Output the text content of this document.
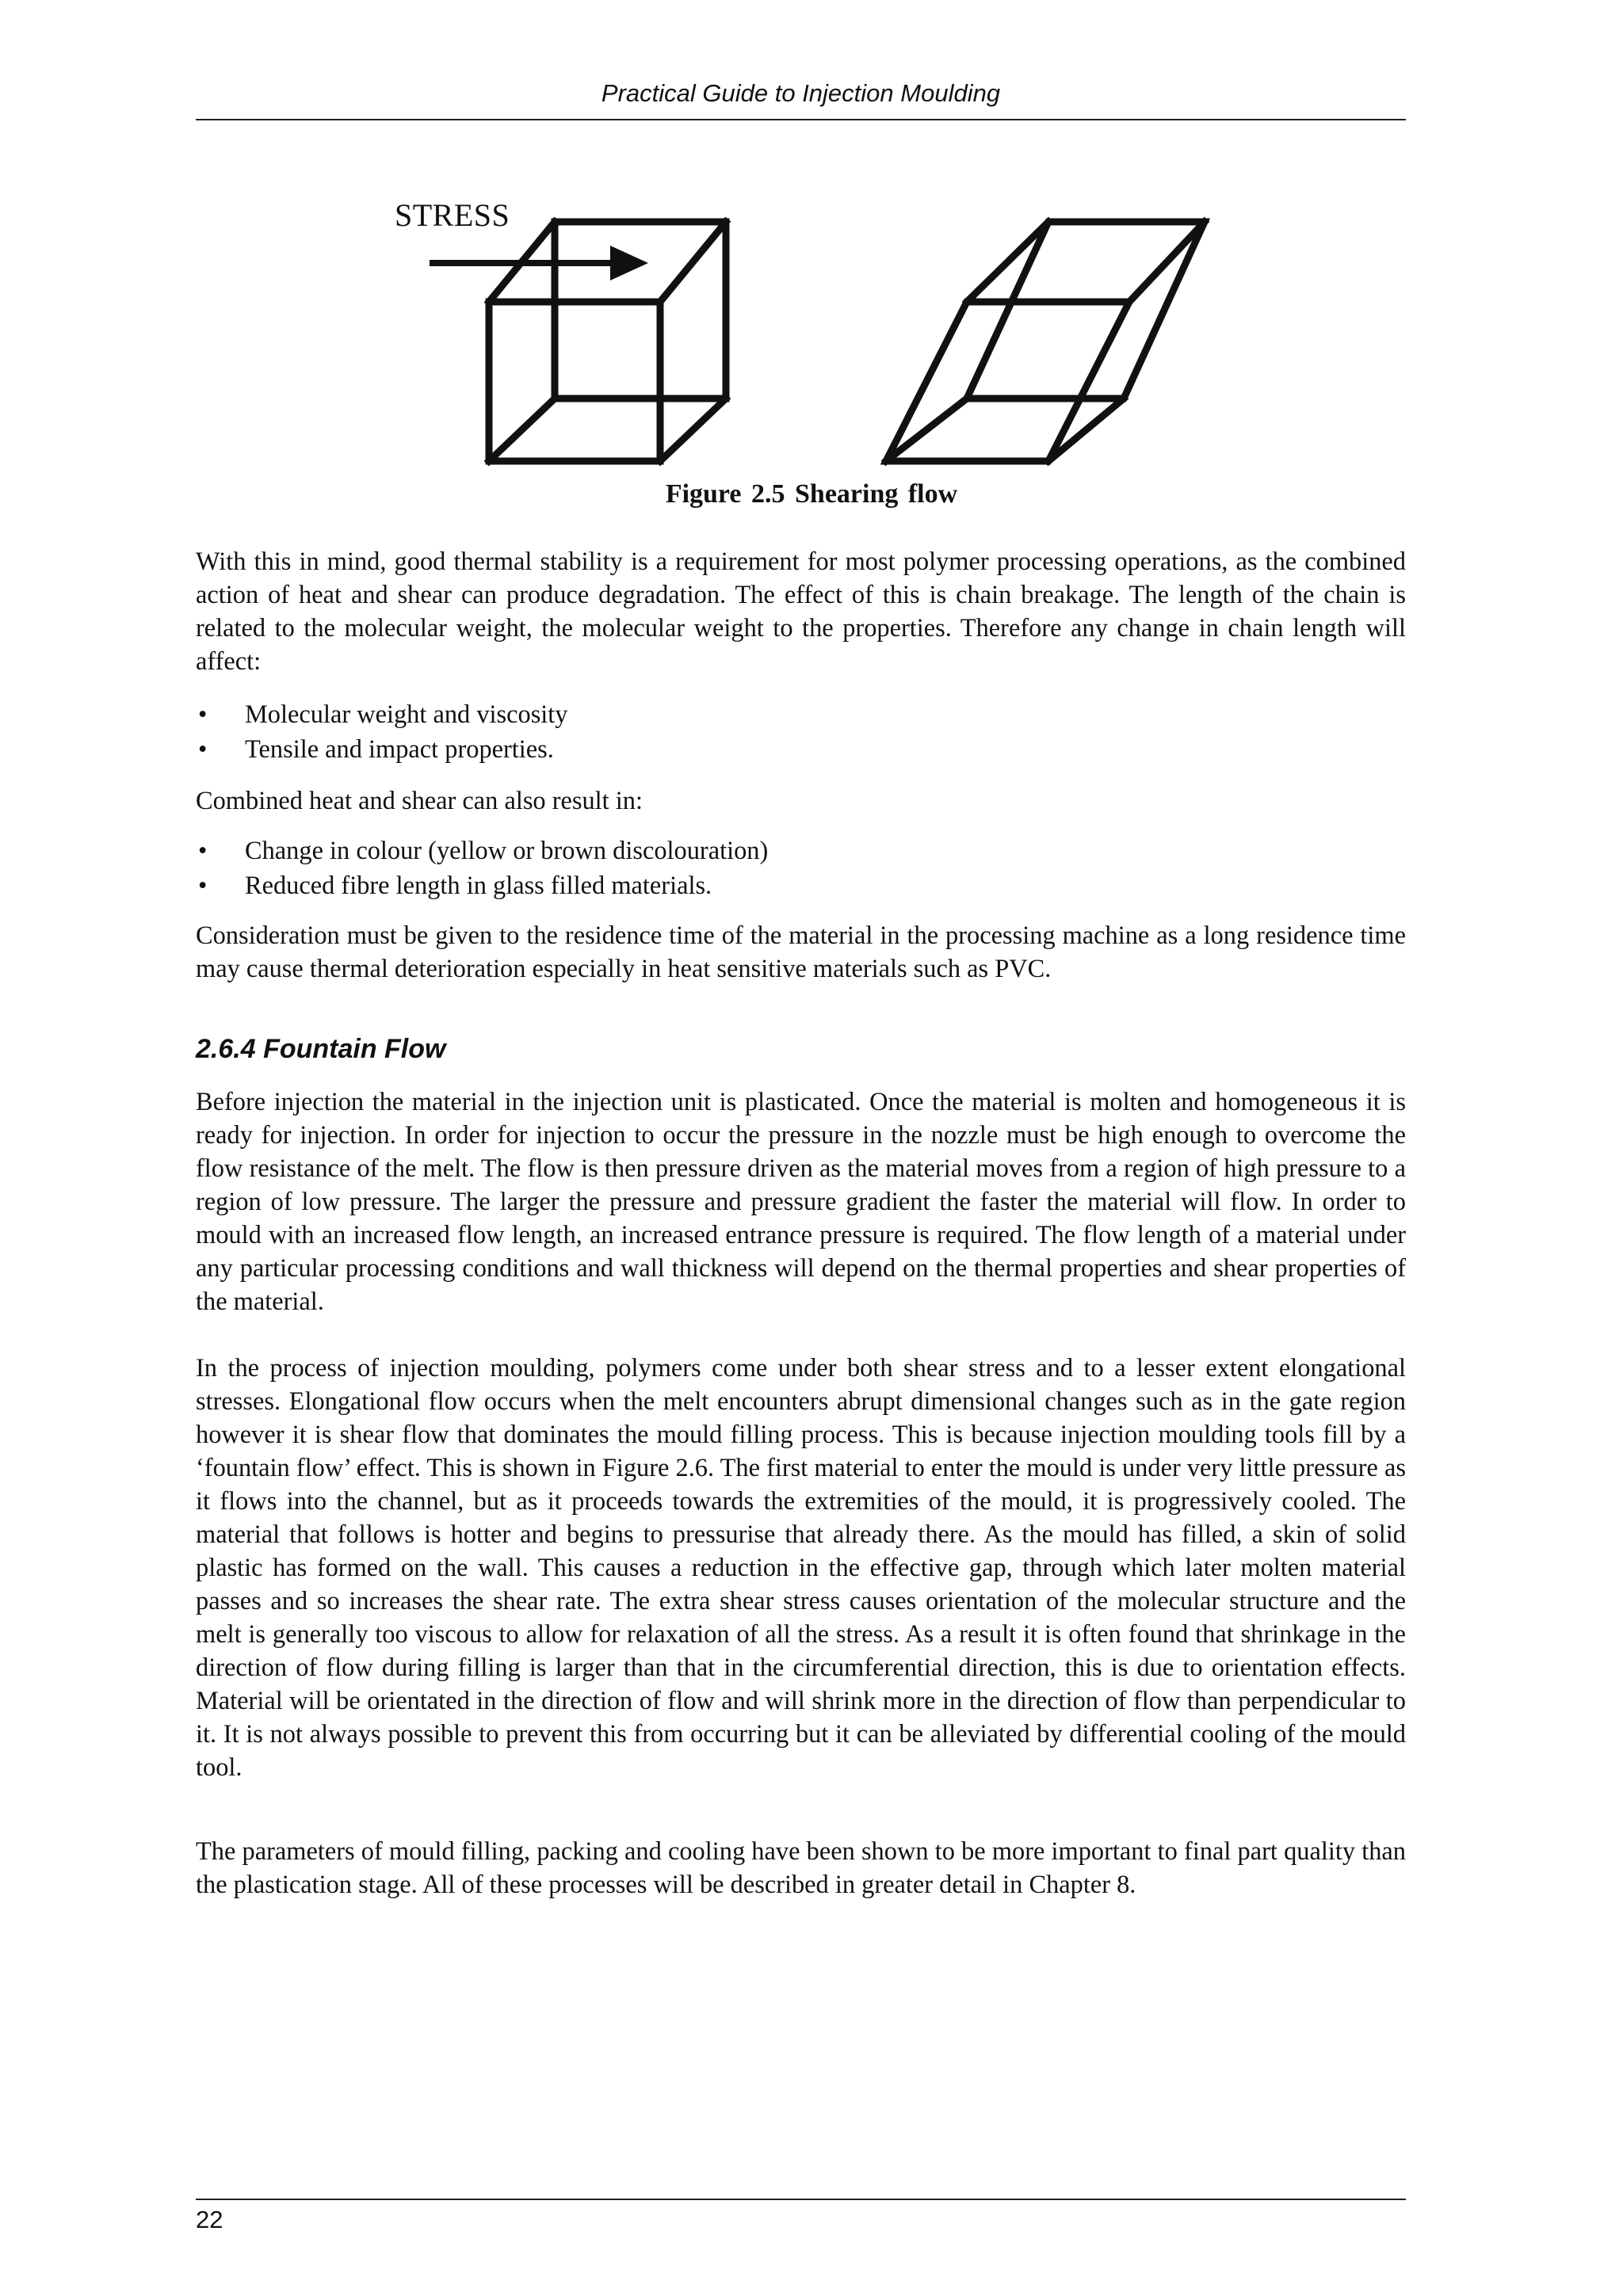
Practical Guide to Injection Moulding
STRESS
Figure 2.5 Shearing flow

With this in mind, good thermal stability is a requirement for most polymer processing operations, as the combined action of heat and shear can produce degradation. The effect of this is chain breakage. The length of the chain is related to the molecular weight, the molecular weight to the properties. Therefore any change in chain length will affect:

• Molecular weight and viscosity
• Tensile and impact properties.

Combined heat and shear can also result in:

• Change in colour (yellow or brown discolouration)
• Reduced fibre length in glass filled materials.

Consideration must be given to the residence time of the material in the processing machine as a long residence time may cause thermal deterioration especially in heat sensitive materials such as PVC.

2.6.4 Fountain Flow

Before injection the material in the injection unit is plasticated. Once the material is molten and homogeneous it is ready for injection. In order for injection to occur the pressure in the nozzle must be high enough to overcome the flow resistance of the melt. The flow is then pressure driven as the material moves from a region of high pressure to a region of low pressure. The larger the pressure and pressure gradient the faster the material will flow. In order to mould with an increased flow length, an increased entrance pressure is required. The flow length of a material under any particular processing conditions and wall thickness will depend on the thermal properties and shear properties of the material.

In the process of injection moulding, polymers come under both shear stress and to a lesser extent elongational stresses. Elongational flow occurs when the melt encounters abrupt dimensional changes such as in the gate region however it is shear flow that dominates the mould filling process. This is because injection moulding tools fill by a ‘fountain flow’ effect. This is shown in Figure 2.6. The first material to enter the mould is under very little pressure as it flows into the channel, but as it proceeds towards the extremities of the mould, it is progressively cooled. The material that follows is hotter and begins to pressurise that already there. As the mould has filled, a skin of solid plastic has formed on the wall. This causes a reduction in the effective gap, through which later molten material passes and so increases the shear rate. The extra shear stress causes orientation of the molecular structure and the melt is generally too viscous to allow for relaxation of all the stress. As a result it is often found that shrinkage in the direction of flow during filling is larger than that in the circumferential direction, this is due to orientation effects. Material will be orientated in the direction of flow and will shrink more in the direction of flow than perpendicular to it. It is not always possible to prevent this from occurring but it can be alleviated by differential cooling of the mould tool.

The parameters of mould filling, packing and cooling have been shown to be more important to final part quality than the plastication stage. All of these processes will be described in greater detail in Chapter 8.

22
